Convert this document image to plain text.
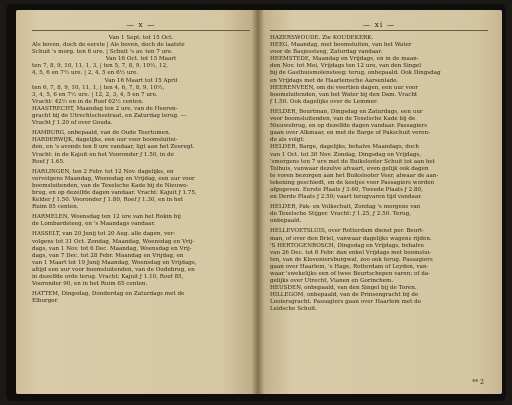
— x —
Van 1 Sept. tot 15 Oct.
Als boven, doch de eerste | Als boven, doch de laatste
Schuit 's morg. ten 6 ure. | Schuit 's av. ten 7 ure.
Van 16 Oct. tot 15 Maart
ten 7, 8, 9, 10, 11, 1, 3, | ten 5, 7, 8, 9, 10½, 12,
4, 5, 6 en 7½ ure. | 2, 4, 5 en 6½ ure.
Van 16 Maart tot 15 April
ten 6, 7, 8, 9, 10, 11, 1, | ten 4, 6, 7, 8, 9, 10½,
3, 4, 5, 6 en 7½ ure. | 12, 2, 3, 4, 5 en 7 ure.
Vracht: 42½ en in de Roef 62½ centen.
HAASTRECHT, Maandag ten 2 ure, van de Heeren-
gracht bij de Utrechtschestraat, en Zaturdag terug. —
Vracht ƒ 1.20 of over Gouda.
HAMBURG, onbepaald, van de Oude Teertuinen.
HARDERWIJK, dagelijks, een uur voor boomsluitei-
den, en 's avonds ten 8 ure vandaar, ligt aan het Zeeregt.
Vracht: in de Kajuit en het Vooronder ƒ 1.50, in de
Roef ƒ 1.65.
HARLINGEN, ten 2 Febr. tot 12 Nov. dagelijks, en
vervolgens Maandag, Woensdag en Vrijdag, een uur voor
boomsluitenden, van de Texelsche Kade bij de Nieuwe-
brug, en op dezelfde dagen vandaar. Vracht: Kajuit ƒ 1.75,
Kelder ƒ 1.50. Vooronder ƒ 1.80, Roef ƒ 1.30, en in het
Ruim 85 centen.
HARMELEN, Woensdag ten 12 ure van het Rokin bij
de Lombardsteeg, en 's Maandags vandaar.
HASSELT, van 20 Junij tot 20 Aug. alle dagen, ver-
volgens tot 31 Oct. Zondag, Maandag, Woensdag en Vrij-
dags, van 1 Nov. tot 6 Dec. Maandag, Woensdag en Vrij-
dags, van 7 Dec. tot 28 Febr. Maandag en Vrijdag, en
van 1 Maart tot 19 Junij Maandag, Woensdag en Vrijdags,
altijd een uur voor boomsluitenden, van de Oudebrug, en
in dezelfde orde terug. Vracht: Kajuit ƒ 1.10, Roef 85,
Vooronder 90, en in het Ruim 65 centen.
HATTEM, Dingsdag, Donderdag en Zaturdags met de
Elburger.
— xi —
HAZERSWOUDE. Zie KOUDEKERK.
HEEG, Maandag, met boomsluiten, van het Water
voor de Basjessteeg, Zaturdag vandaar.
HEEMSTEDE, Maandag en Vrijdags, en in de maan-
den Nov. tot Mei, Vrijdags ten 12 ure, van den Singel
bij de Gasthuismolensteeg; terug, onbepaald. Ook Dingsdag
en Vrijdags met de Haarlemsche Aarsenlade.
HEERENVEEN, om de veertien dagen, een uur voor
boomsluitenden, van het Water bij den Dam. Vracht
ƒ 1.50. Ook dagelijks over de Lemmer.
HELDER, Beurtman, Dingsdag en Zaturdags, een uur
voor boomsluitenden, van de Texelsche Kade bij de
Nieuwebrug, en op dezelfde dagen vandaar. Passagiers
gaan over Alkmaar, en met de Barge of Pakschuit veren-
de als volgt:
HELDER, Barge, dagelijks, behalve Maandags, doch
van 1 Oct. tot 30 Nov. Zondag, Dingsdag en Vrijdags,
'smorgens ten 7 ure met de Buikslooter Schuit tot aan het
Tolhuis, vanwaar dezelve afvaart, even gelijk ook dagen
te voren bezorgen aan het Buikslooter Veer, alwaar de aan-
tekening geschiedt, en de kostjes voor Passagiers worden
afgegeven. Eerste Plaats ƒ 3.60, Tweede Plaats ƒ 2.80,
en Derde Plaats ƒ 2.50; vaart terugvaren tijd vandaar.
HELDER, Pak- en Volkschuit, Zondag 's morgens van
de Texelsche Stijger. Vracht: ƒ 1.25, ƒ 2.50. Terug,
onbepaald.
HELLEVOETSLUIS, over Rotterdam dienst per. Beurt-
man, of over den Briel, vanwaar dagelijks wagens rijden.
'S HERTOGENBOSCH, Dingsdag en Vrijdags, behalve
van 26 Dec. tot 6 Febr. dan enkel Vrijdags met boomslui-
ten, van de Kloveniersburgwal, zoo ook terug. Passagiers
gaan over Haarlem, 's Hage, Rotterdam of Leyden, van-
waar 'swekelijks een of twee Beurtschepen varen; of da-
gelijks over Utrecht, Vianen en Gorinchem.
HEUSDEN, onbepaald, van den Singel bij de Toren.
HILLEGOM, onbepaald, van de Prinsengracht bij de
Looiersgracht. Passagiers gaan over Haarlem met de
Leidsche Schuit.
** 2
